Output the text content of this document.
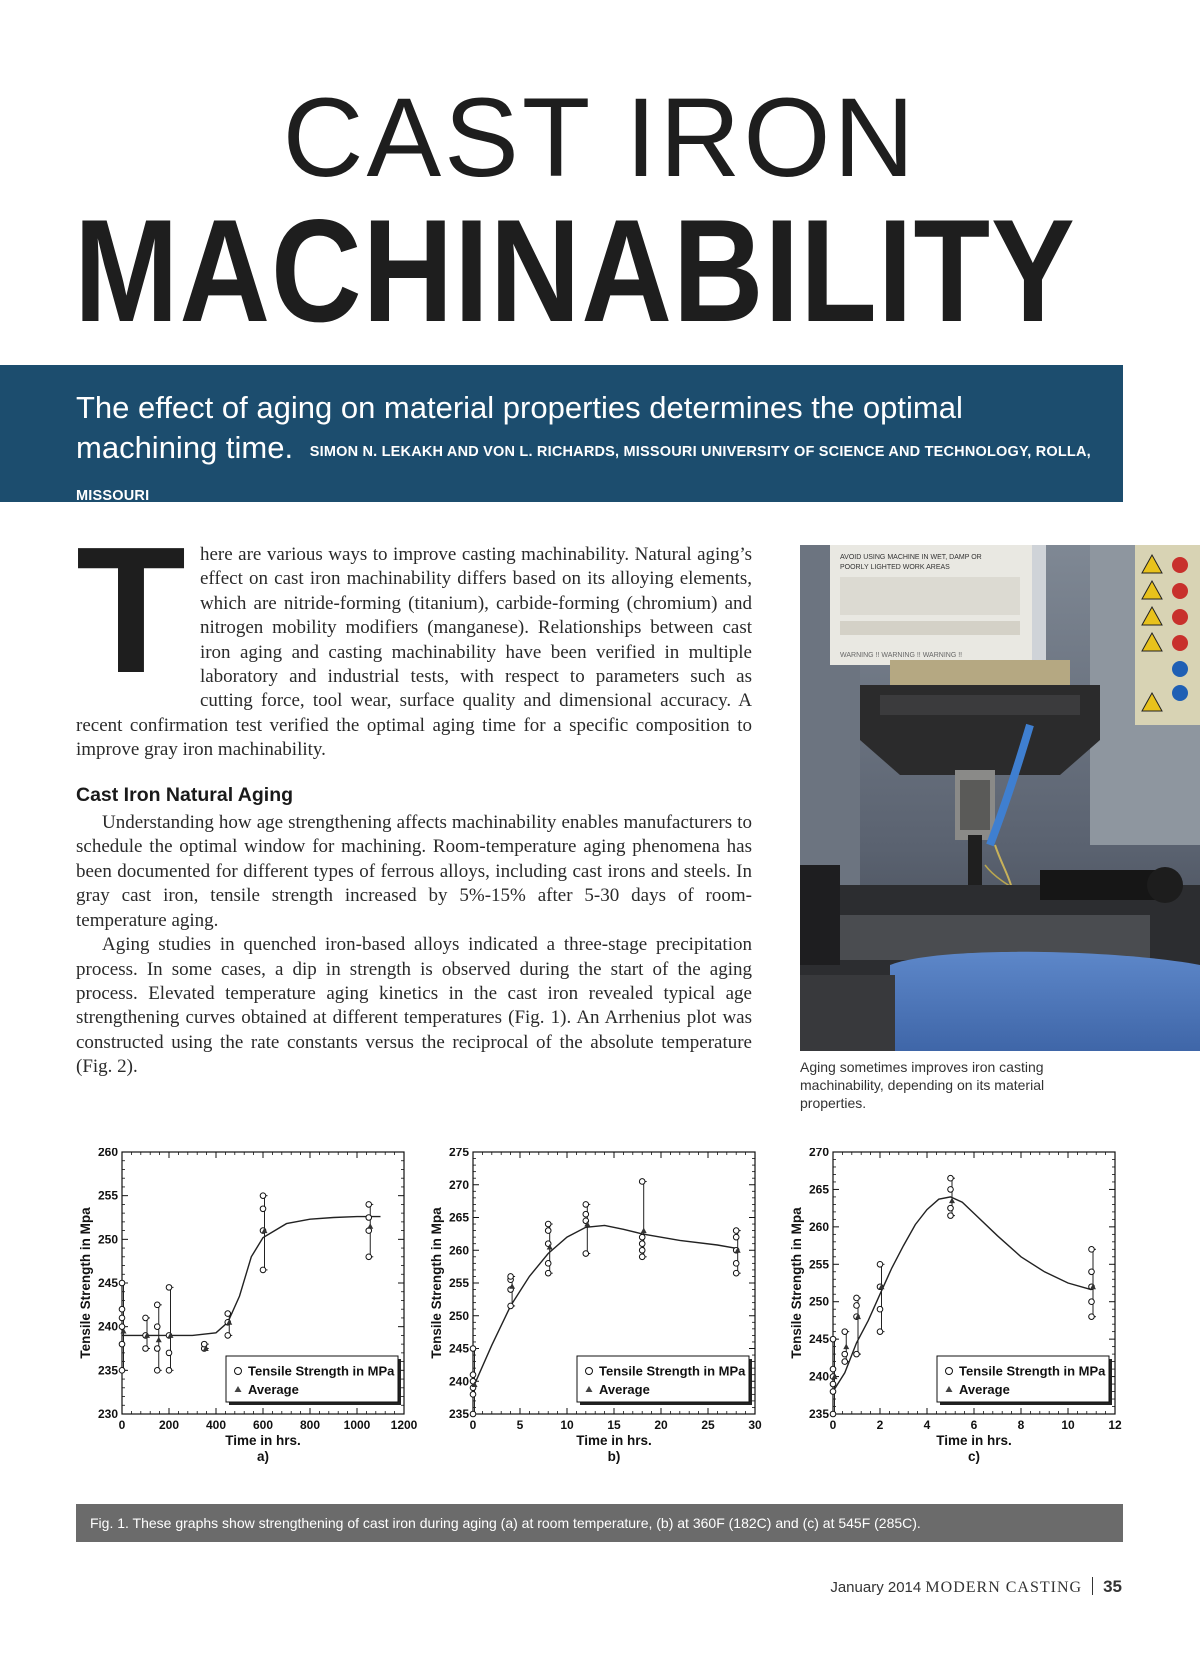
CAST IRON
MACHINABILITY
The effect of aging on material properties determines the optimal machining time. SIMON N. LEKAKH AND VON L. RICHARDS, MISSOURI UNIVERSITY OF SCIENCE AND TECHNOLOGY, ROLLA, MISSOURI
T here are various ways to improve casting machinability. Natural aging’s effect on cast iron machinability differs based on its alloying elements, which are nitride-forming (titanium), carbide-forming (chromium) and nitrogen mobility modifiers (manganese). Relationships between cast iron aging and casting machinability have been verified in multiple laboratory and industrial tests, with respect to parameters such as cutting force, tool wear, surface quality and dimensional accuracy. A recent confirmation test verified the optimal aging time for a specific composition to improve gray iron machinability.

Cast Iron Natural Aging

Understanding how age strengthening affects machinability enables manufacturers to schedule the optimal window for machining. Room-temperature aging phenomena has been documented for different types of ferrous alloys, including cast irons and steels. In gray cast iron, tensile strength increased by 5%-15% after 5-30 days of room-temperature aging.

Aging studies in quenched iron-based alloys indicated a three-stage precipitation process. In some cases, a dip in strength is observed during the start of the aging process. Elevated temperature aging kinetics in the cast iron revealed typical age strengthening curves obtained at different temperatures (Fig. 1). An Arrhenius plot was constructed using the rate constants versus the reciprocal of the absolute temperature (Fig. 2).

AVOID USING MACHINE IN WET, DAMP OR
POORLY LIGHTED WORK AREAS
WARNING !! WARNING !! WARNING !!
Aging sometimes improves iron casting machinability, depending on its material properties.
0	200 400 600 800 1000 1200
230
235
240
245
250
255
260
Time in hrs.
a)
Tensile Strength in Mpa
Tensile Strength in MPa
Average
0	5	10	15	20	25	30
235
240
245
250
255
260
265
270
275
Time in hrs.
b)
Tensile Strength in Mpa
Tensile Strength in MPa
Average
0	2	4	6	8	10	12
235
240
245
250
255
260
265
270
Time in hrs.
c)
Tensile Strength in Mpa
Tensile Strength in MPa
Average
Fig. 1. These graphs show strengthening of cast iron during aging (a) at room temperature, (b) at 360F (182C) and (c) at 545F (285C).
January 2014 MODERN CASTING 35
